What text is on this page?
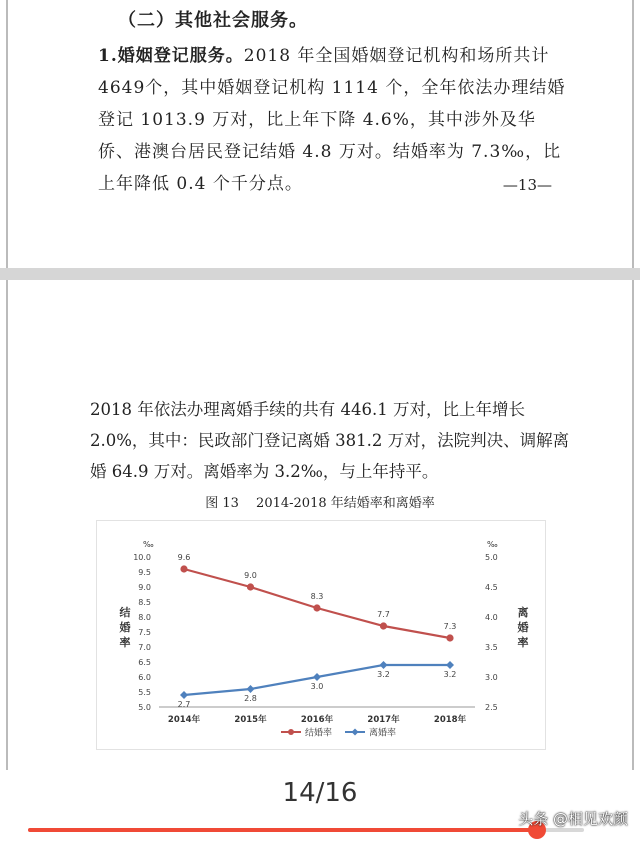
（二）其他社会服务。
1.婚姻登记服务。2018 年全国婚姻登记机构和场所共计4649个，其中婚姻登记机构 1114 个，全年依法办理结婚登记 1013.9 万对，比上年下降 4.6%，其中涉外及华侨、港澳台居民登记结婚 4.8 万对。结婚率为 7.3‰，比上年降低 0.4 个千分点。	—13—
2018 年依法办理离婚手续的共有 446.1 万对，比上年增长 2.0%，其中：民政部门登记离婚 381.2 万对，法院判决、调解离婚 64.9 万对。离婚率为 3.2‰，与上年持平。
图 13　 2014-2018 年结婚率和离婚率
5.0
5.5
6.0
6.5
7.0
7.5
8.0
8.5
9.0
9.5
10.0
2.5
3.0
3.5
4.0
4.5
5.0
‰	‰
结
婚
率
离
婚
率
2014年	2015年	2016年	2017年	2018年
9.6
9.0
8.3
7.7
7.3
2.7
2.8
3.0
3.2	3.2
结婚率	离婚率
14/16
头条 @相见欢颜
